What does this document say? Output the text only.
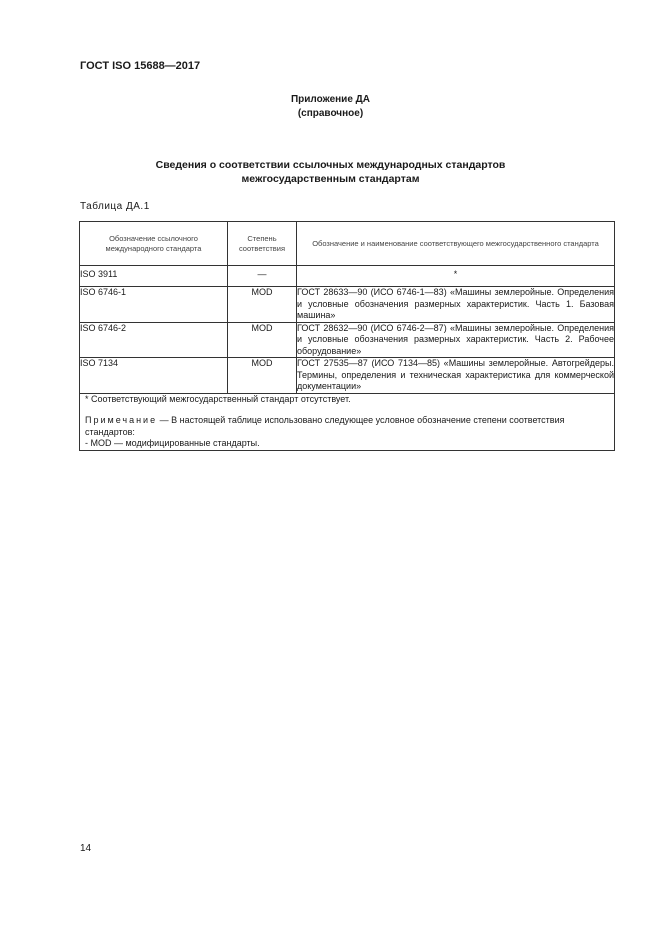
ГОСТ ISO 15688—2017
Приложение ДА
(справочное)
Сведения о соответствии ссылочных международных стандартов
межгосударственным стандартам
Таблица ДА.1
Обозначение ссылочного международного стандарта	Степень соответствия	Обозначение и наименование соответствующего межгосударственного стандарта
ISO 3911	—	*
ISO 6746-1	MOD	ГОСТ 28633—90 (ИСО 6746-1—83) «Машины землеройные. Определения и условные обозначения размерных характеристик. Часть 1. Базовая машина»
ISO 6746-2	MOD	ГОСТ 28632—90 (ИСО 6746-2—87) «Машины землеройные. Определения и условные обозначения размерных характеристик. Часть 2. Рабочее оборудование»
ISO 7134	MOD	ГОСТ 27535—87 (ИСО 7134—85) «Машины землеройные. Автогрейдеры. Термины, определения и техническая характеристика для коммерческой документации»

* Соответствующий межгосударственный стандарт отсутствует.
Примечание — В настоящей таблице использовано следующее условное обозначение степени соответствия стандартов:
- MOD — модифицированные стандарты.		
14
